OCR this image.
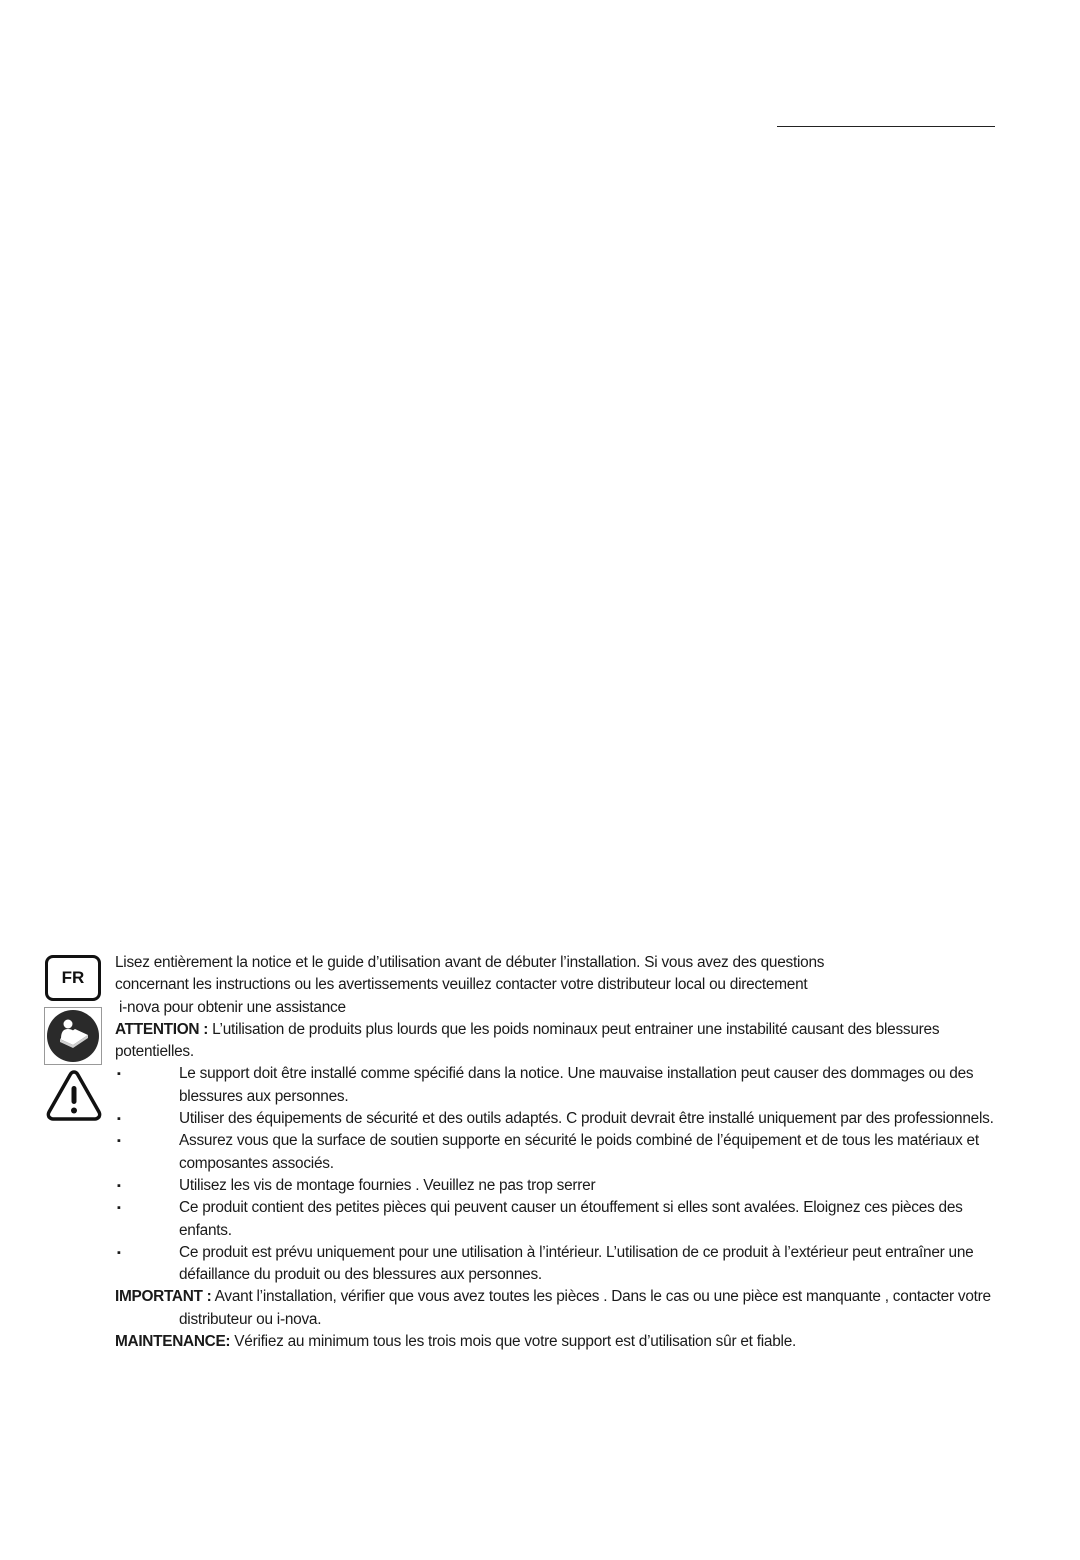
FR

Lisez entièrement la notice et le guide d’utilisation avant de débuter l’installation. Si vous avez des questions

concernant les instructions ou les avertissements veuillez contacter votre distributeur local ou directement

i-nova pour obtenir une assistance

ATTENTION : L’utilisation de produits plus lourds que les poids nominaux peut entrainer une instabilité causant des blessures potentielles.

▪	Le support doit être installé comme spécifié dans la notice. Une mauvaise installation peut causer des dommages ou des blessures aux personnes.
▪	Utiliser des équipements de sécurité et des outils adaptés. C produit devrait être installé uniquement par des professionnels.
▪	Assurez vous que la surface de soutien supporte en sécurité le poids combiné de l’équipement et de tous les matériaux et composantes associés.
▪	Utilisez les vis de montage fournies . Veuillez ne pas trop serrer
▪	Ce produit contient des petites pièces qui peuvent causer un étouffement si elles sont avalées. Eloignez ces pièces des enfants.
▪	Ce produit est prévu uniquement pour une utilisation à l’intérieur. L’utilisation de ce produit à l’extérieur peut entraîner une défaillance du produit ou des blessures aux personnes.

IMPORTANT : Avant l’installation, vérifier que vous avez toutes les pièces . Dans le cas ou une pièce est manquante , contacter votre distributeur ou i-nova.

MAINTENANCE: Vérifiez au minimum tous les trois mois que votre support est d’utilisation sûr et fiable.
